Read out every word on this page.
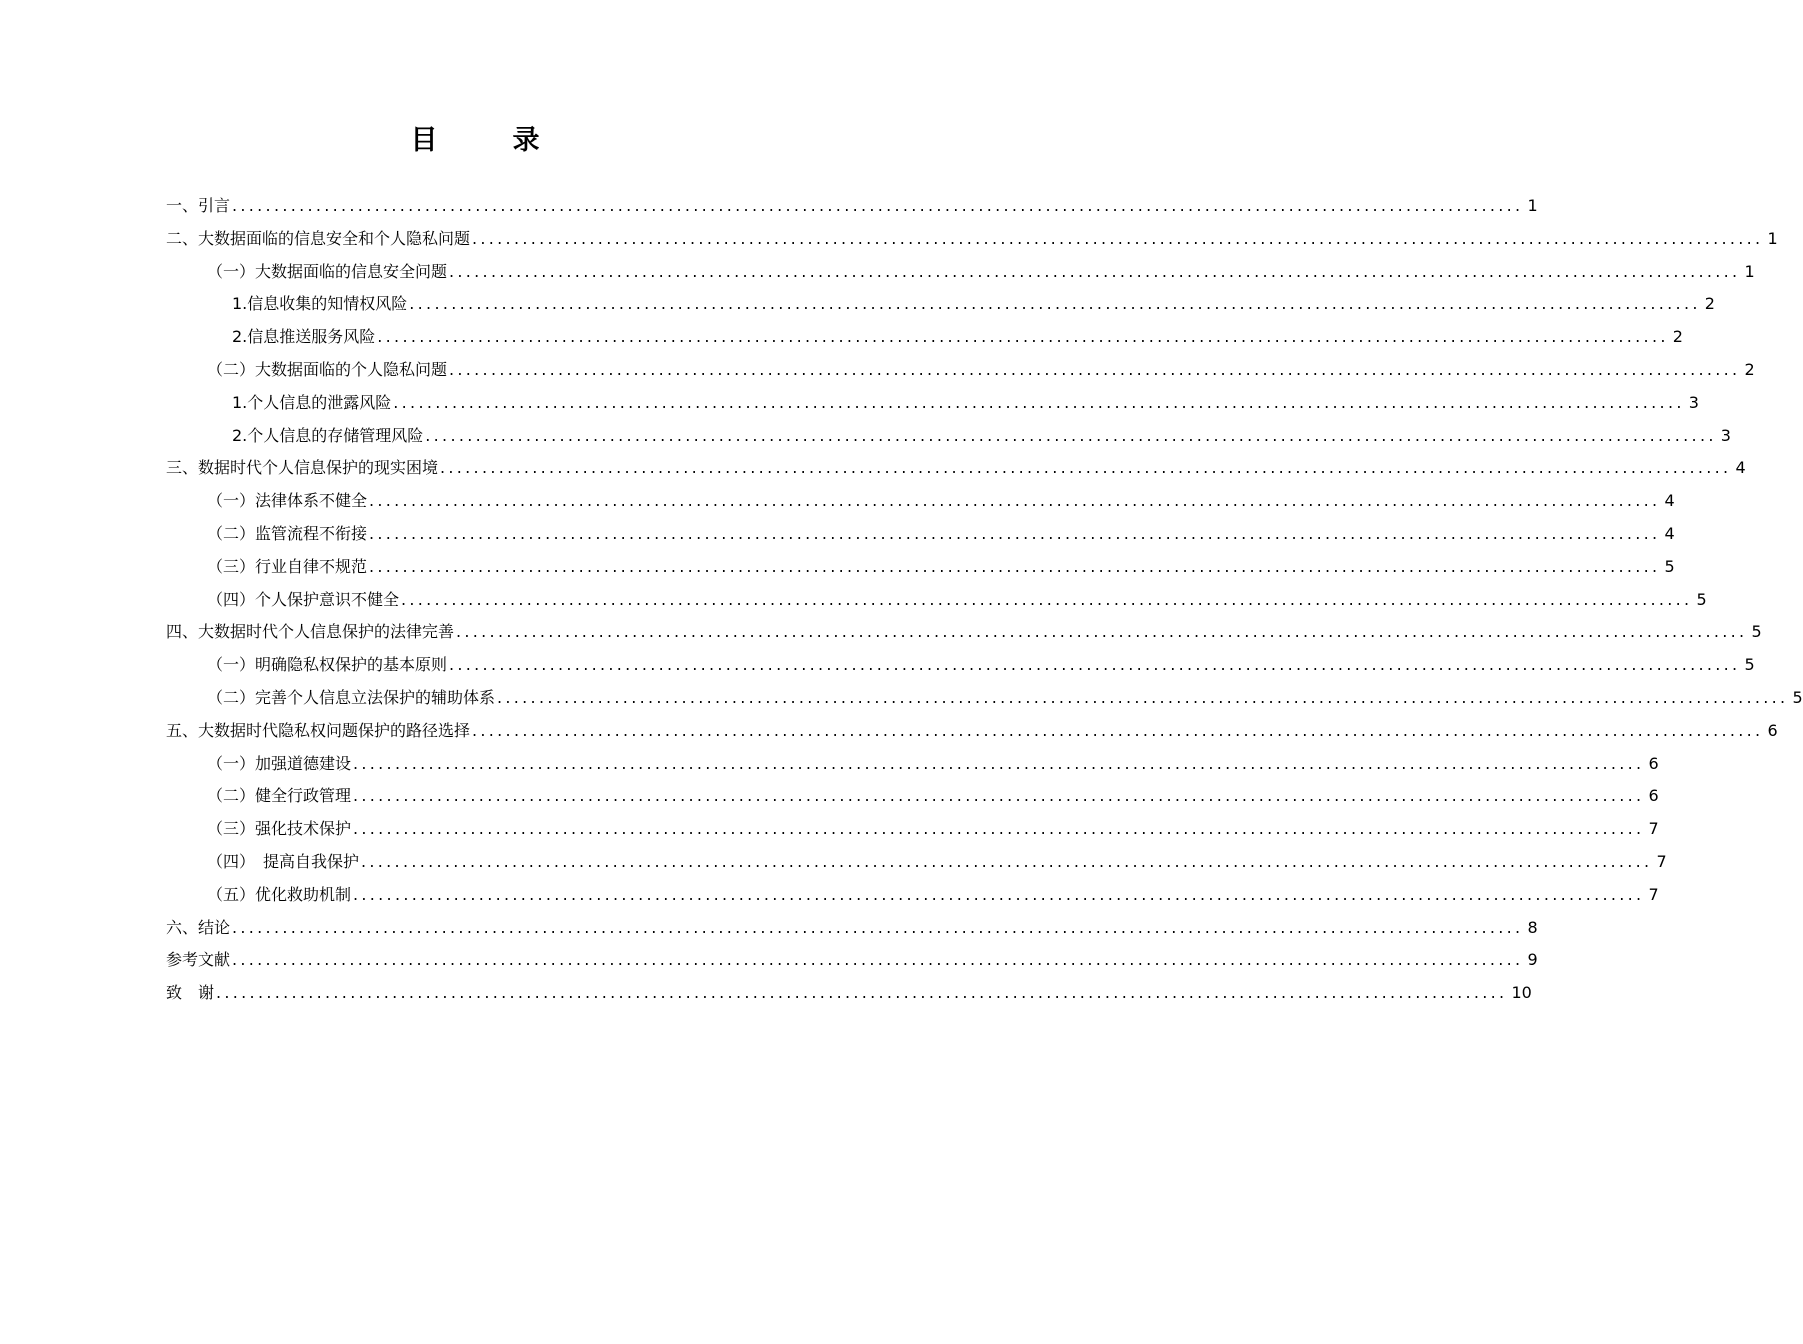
目　录
一、引言 .......................................................................................................................................................... 1
二、大数据面临的信息安全和个人隐私问题 .......................................................................................................................................................... 1
（一）大数据面临的信息安全问题 .......................................................................................................................................................... 1
1.信息收集的知情权风险 .......................................................................................................................................................... 2
2.信息推送服务风险 .......................................................................................................................................................... 2
（二）大数据面临的个人隐私问题 .......................................................................................................................................................... 2
1.个人信息的泄露风险 .......................................................................................................................................................... 3
2.个人信息的存储管理风险 .......................................................................................................................................................... 3
三、数据时代个人信息保护的现实困境 .......................................................................................................................................................... 4
（一）法律体系不健全 .......................................................................................................................................................... 4
（二）监管流程不衔接 .......................................................................................................................................................... 4
（三）行业自律不规范 .......................................................................................................................................................... 5
（四）个人保护意识不健全 .......................................................................................................................................................... 5
四、大数据时代个人信息保护的法律完善 .......................................................................................................................................................... 5
（一）明确隐私权保护的基本原则 .......................................................................................................................................................... 5
（二）完善个人信息立法保护的辅助体系 .......................................................................................................................................................... 5
五、大数据时代隐私权问题保护的路径选择 .......................................................................................................................................................... 6
（一）加强道德建设 .......................................................................................................................................................... 6
（二）健全行政管理 .......................................................................................................................................................... 6
（三）强化技术保护 .......................................................................................................................................................... 7
（四）　提高自我保护 .......................................................................................................................................................... 7
（五）优化救助机制 .......................................................................................................................................................... 7
六、结论 .......................................................................................................................................................... 8
参考文献 .......................................................................................................................................................... 9
致　谢 .......................................................................................................................................................... 10
